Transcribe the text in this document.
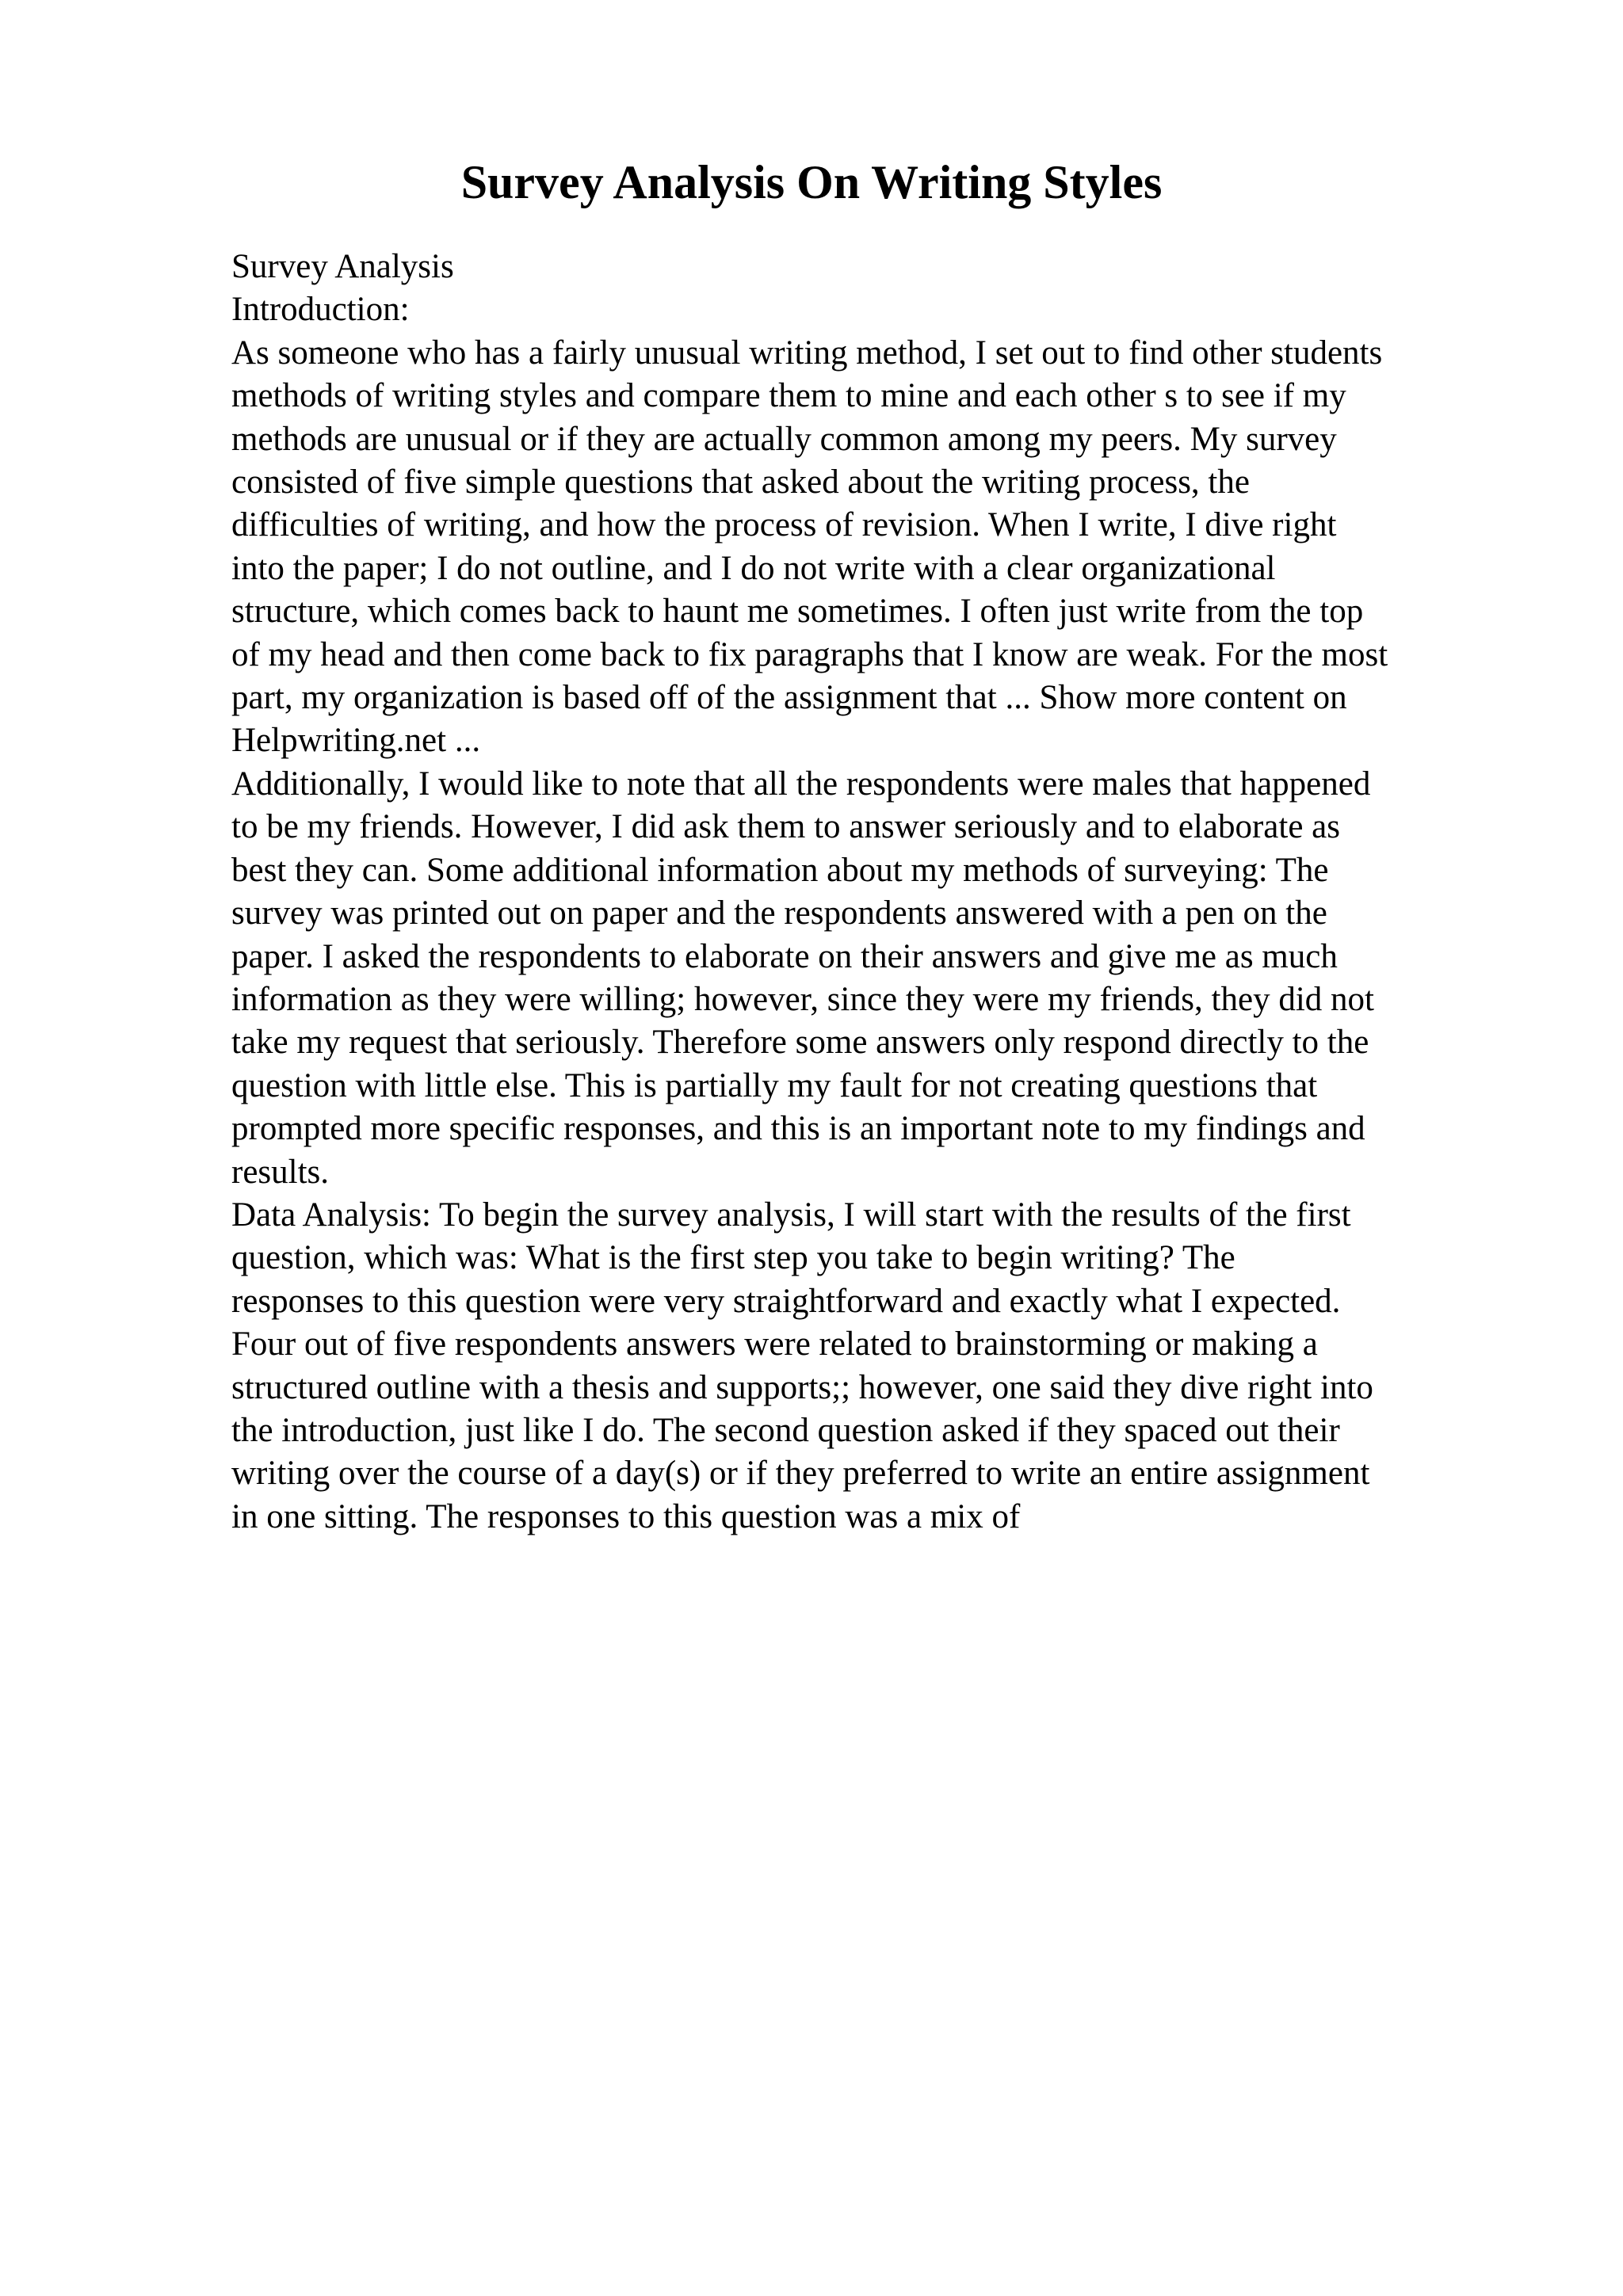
Survey Analysis On Writing Styles
Survey Analysis
Introduction:
As someone who has a fairly unusual writing method, I set out to find other students
methods of writing styles and compare them to mine and each other s to see if my
methods are unusual or if they are actually common among my peers. My survey
consisted of five simple questions that asked about the writing process, the
difficulties of writing, and how the process of revision. When I write, I dive right
into the paper; I do not outline, and I do not write with a clear organizational
structure, which comes back to haunt me sometimes. I often just write from the top
of my head and then come back to fix paragraphs that I know are weak. For the most
part, my organization is based off of the assignment that ... Show more content on
Helpwriting.net ...
Additionally, I would like to note that all the respondents were males that happened
to be my friends. However, I did ask them to answer seriously and to elaborate as
best they can. Some additional information about my methods of surveying: The
survey was printed out on paper and the respondents answered with a pen on the
paper. I asked the respondents to elaborate on their answers and give me as much
information as they were willing; however, since they were my friends, they did not
take my request that seriously. Therefore some answers only respond directly to the
question with little else. This is partially my fault for not creating questions that
prompted more specific responses, and this is an important note to my findings and
results.
Data Analysis: To begin the survey analysis, I will start with the results of the first
question, which was: What is the first step you take to begin writing? The
responses to this question were very straightforward and exactly what I expected.
Four out of five respondents answers were related to brainstorming or making a
structured outline with a thesis and supports;; however, one said they dive right into
the introduction, just like I do. The second question asked if they spaced out their
writing over the course of a day(s) or if they preferred to write an entire assignment
in one sitting. The responses to this question was a mix of
